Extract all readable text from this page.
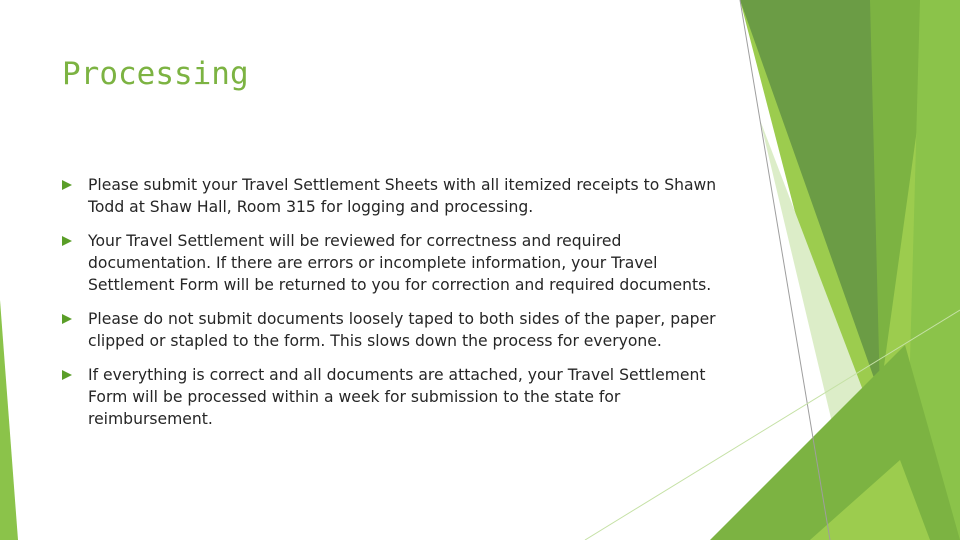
Processing
Please submit your Travel Settlement Sheets with all itemized receipts to Shawn Todd at Shaw Hall, Room 315 for logging and processing.
Your Travel Settlement will be reviewed for correctness and required documentation. If there are errors or incomplete information, your Travel Settlement Form will be returned to you for correction and required documents.
Please do not submit documents loosely taped to both sides of the paper, paper clipped or stapled to the form. This slows down the process for everyone.
If everything is correct and all documents are attached, your Travel Settlement Form will be processed within a week for submission to the state for reimbursement.
